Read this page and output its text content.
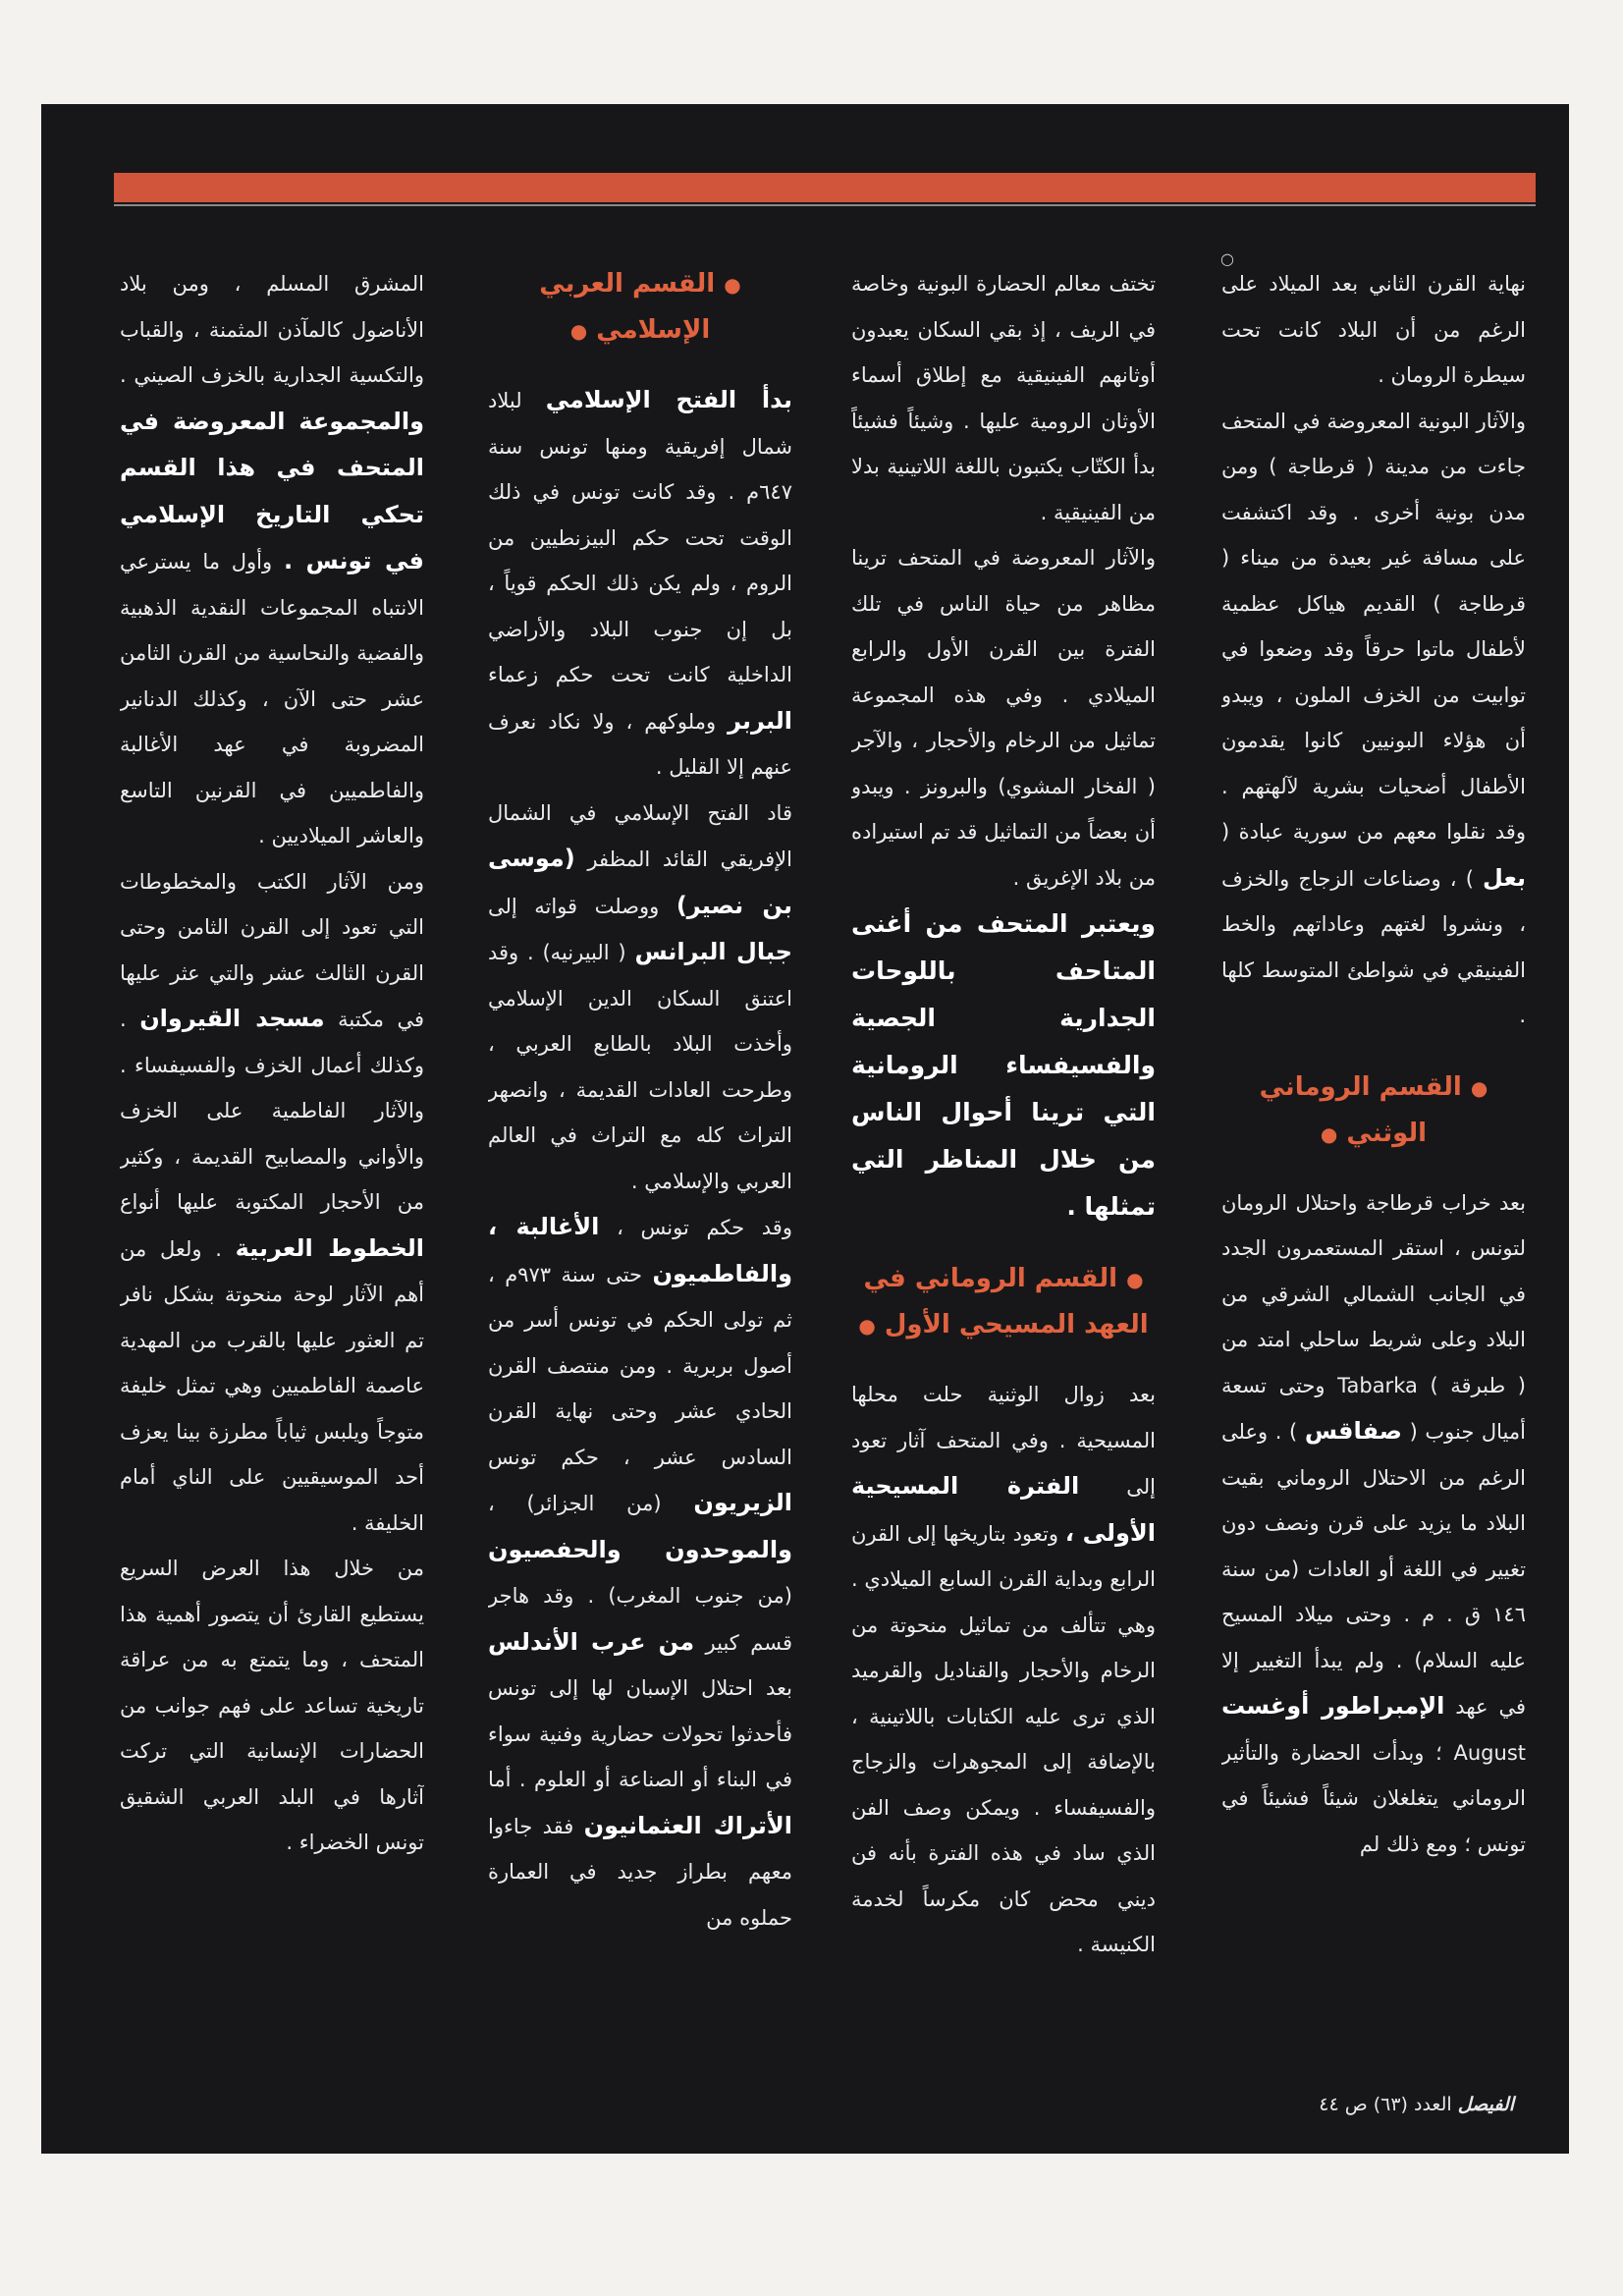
○

نهاية القرن الثاني بعد الميلاد على الرغم من أن البلاد كانت تحت سيطرة الرومان .

والآثار البونية المعروضة في المتحف جاءت من مدينة ( قرطاجة ) ومن مدن بونية أخرى . وقد اكتشفت على مسافة غير بعيدة من ميناء ( قرطاجة ) القديم هياكل عظمية لأطفال ماتوا حرقاً وقد وضعوا في توابيت من الخزف الملون ، ويبدو أن هؤلاء البونيين كانوا يقدمون الأطفال أضحيات بشرية لآلهتهم . وقد نقلوا معهم من سورية عبادة ( بعل ) ، وصناعات الزجاج والخزف ، ونشروا لغتهم وعاداتهم والخط الفينيقي في شواطئ المتوسط كلها .

● القسم الروماني الوثني ●

بعد خراب قرطاجة واحتلال الرومان لتونس ، استقر المستعمرون الجدد في الجانب الشمالي الشرقي من البلاد وعلى شريط ساحلي امتد من ( طبرقة ) Tabarka وحتى تسعة أميال جنوب ( صفاقس ) . وعلى الرغم من الاحتلال الروماني بقيت البلاد ما يزيد على قرن ونصف دون تغيير في اللغة أو العادات (من سنة ١٤٦ ق . م . وحتى ميلاد المسيح عليه السلام) . ولم يبدأ التغيير إلا في عهد الإمبراطور أوغست August ؛ وبدأت الحضارة والتأثير الروماني يتغلغلان شيئاً فشيئاً في تونس ؛ ومع ذلك لم

تختف معالم الحضارة البونية وخاصة في الريف ، إذ بقي السكان يعبدون أوثانهم الفينيقية مع إطلاق أسماء الأوثان الرومية عليها . وشيئاً فشيئاً بدأ الكتّاب يكتبون باللغة اللاتينية بدلا من الفينيقية .

والآثار المعروضة في المتحف ترينا مظاهر من حياة الناس في تلك الفترة بين القرن الأول والرابع الميلادي . وفي هذه المجموعة تماثيل من الرخام والأحجار ، والآجر ( الفخار المشوي) والبرونز . ويبدو أن بعضاً من التماثيل قد تم استيراده من بلاد الإغريق .

ويعتبر المتحف من أغنى المتاحف باللوحات الجدارية الجصية والفسيفساء الرومانية التي ترينا أحوال الناس من خلال المناظر التي تمثلها .

● القسم الروماني في العهد المسيحي الأول ●

بعد زوال الوثنية حلت محلها المسيحية . وفي المتحف آثار تعود إلى الفترة المسيحية الأولى ، وتعود بتاريخها إلى القرن الرابع وبداية القرن السابع الميلادي . وهي تتألف من تماثيل منحوتة من الرخام والأحجار والقناديل والقرميد الذي ترى عليه الكتابات باللاتينية ، بالإضافة إلى المجوهرات والزجاج والفسيفساء . ويمكن وصف الفن الذي ساد في هذه الفترة بأنه فن ديني محض كان مكرساً لخدمة الكنيسة .

● القسم العربي الإسلامي ●

بدأ الفتح الإسلامي لبلاد شمال إفريقية ومنها تونس سنة ٦٤٧م . وقد كانت تونس في ذلك الوقت تحت حكم البيزنطيين من الروم ، ولم يكن ذلك الحكم قوياً ، بل إن جنوب البلاد والأراضي الداخلية كانت تحت حكم زعماء البربر وملوكهم ، ولا نكاد نعرف عنهم إلا القليل .

قاد الفتح الإسلامي في الشمال الإفريقي القائد المظفر (موسى بن نصير) ووصلت قواته إلى جبال البرانس ( البيرنيه) . وقد اعتنق السكان الدين الإسلامي وأخذت البلاد بالطابع العربي ، وطرحت العادات القديمة ، وانصهر التراث كله مع التراث في العالم العربي والإسلامي .

وقد حكم تونس ، الأغالبة ، والفاطميون حتى سنة ٩٧٣م ، ثم تولى الحكم في تونس أسر من أصول بربرية . ومن منتصف القرن الحادي عشر وحتى نهاية القرن السادس عشر ، حكم تونس الزيريون (من الجزائر) ، والموحدون والحفصيون (من جنوب المغرب) . وقد هاجر قسم كبير من عرب الأندلس بعد احتلال الإسبان لها إلى تونس فأحدثوا تحولات حضارية وفنية سواء في البناء أو الصناعة أو العلوم . أما الأتراك العثمانيون فقد جاءوا معهم بطراز جديد في العمارة حملوه من

المشرق المسلم ، ومن بلاد الأناضول كالمآذن المثمنة ، والقباب والتكسية الجدارية بالخزف الصيني . والمجموعة المعروضة في المتحف في هذا القسم تحكي التاريخ الإسلامي في تونس . وأول ما يسترعي الانتباه المجموعات النقدية الذهبية والفضية والنحاسية من القرن الثامن عشر حتى الآن ، وكذلك الدنانير المضروبة في عهد الأغالبة والفاطميين في القرنين التاسع والعاشر الميلاديين .

ومن الآثار الكتب والمخطوطات التي تعود إلى القرن الثامن وحتى القرن الثالث عشر والتي عثر عليها في مكتبة مسجد القيروان . وكذلك أعمال الخزف والفسيفساء . والآثار الفاطمية على الخزف والأواني والمصابيح القديمة ، وكثير من الأحجار المكتوبة عليها أنواع الخطوط العربية . ولعل من أهم الآثار لوحة منحوتة بشكل نافر تم العثور عليها بالقرب من المهدية عاصمة الفاطميين وهي تمثل خليفة متوجاً ويلبس ثياباً مطرزة بينا يعزف أحد الموسيقيين على الناي أمام الخليفة .

من خلال هذا العرض السريع يستطيع القارئ أن يتصور أهمية هذا المتحف ، وما يتمتع به من عراقة تاريخية تساعد على فهم جوانب من الحضارات الإنسانية التي تركت آثارها في البلد العربي الشقيق تونس الخضراء .

الفيصل العدد (٦٣) ص ٤٤
